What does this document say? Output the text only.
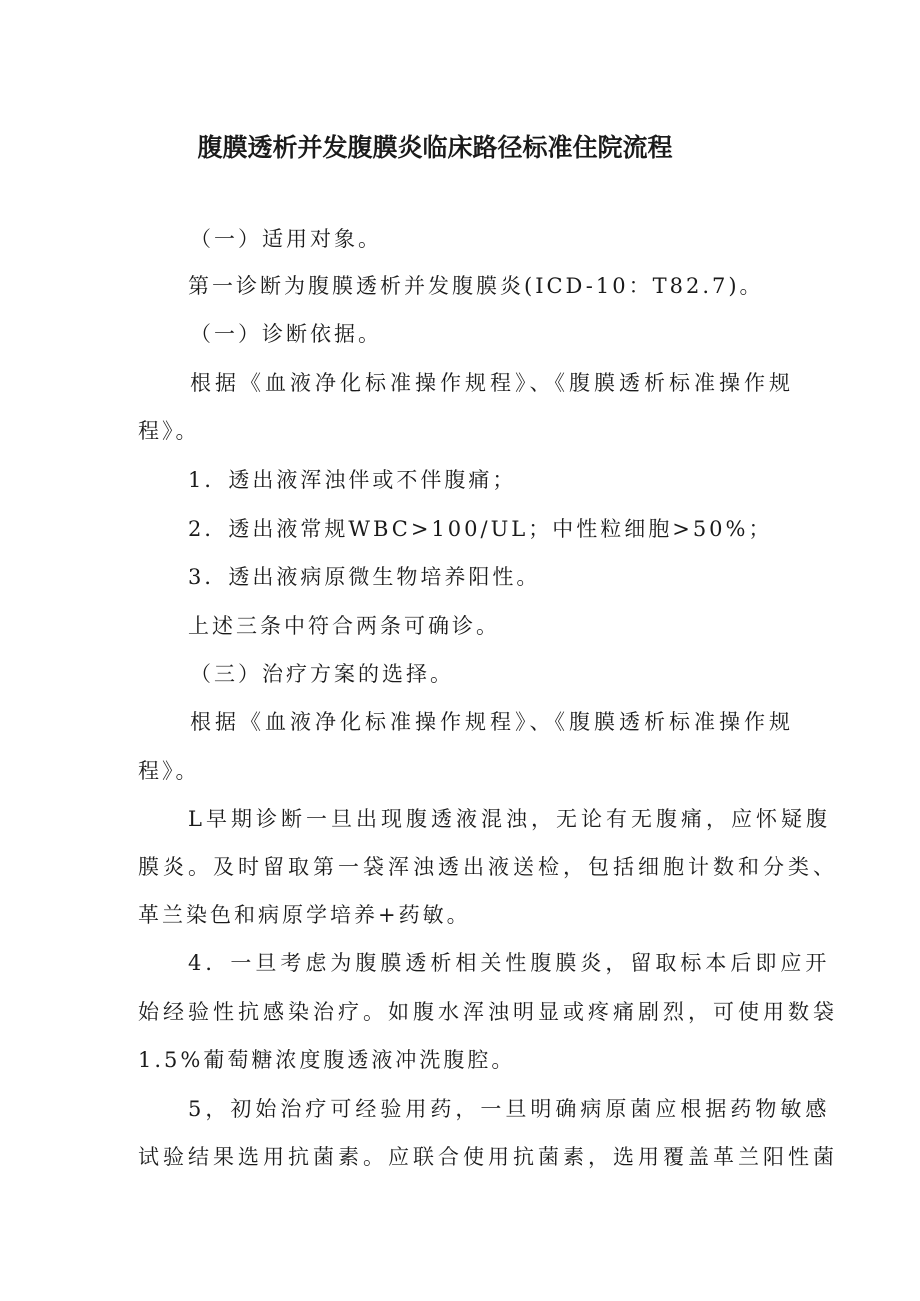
腹膜透析并发腹膜炎临床路径标准住院流程
（一）适用对象。
第一诊断为腹膜透析并发腹膜炎(ICD-10：T82.7)。
（一）诊断依据。
根据《血液净化标准操作规程》、《腹膜透析标准操作规
程》。
1．透出液浑浊伴或不伴腹痛；
2．透出液常规WBC>100/UL；中性粒细胞>50%；
3．透出液病原微生物培养阳性。
上述三条中符合两条可确诊。
（三）治疗方案的选择。
根据《血液净化标准操作规程》、《腹膜透析标准操作规
程》。
L早期诊断一旦出现腹透液混浊，无论有无腹痛，应怀疑腹
膜炎。及时留取第一袋浑浊透出液送检，包括细胞计数和分类、
革兰染色和病原学培养+药敏。
4．一旦考虑为腹膜透析相关性腹膜炎，留取标本后即应开
始经验性抗感染治疗。如腹水浑浊明显或疼痛剧烈，可使用数袋
1.5%葡萄糖浓度腹透液冲洗腹腔。
5，初始治疗可经验用药，一旦明确病原菌应根据药物敏感
试验结果选用抗菌素。应联合使用抗菌素，选用覆盖革兰阳性菌
